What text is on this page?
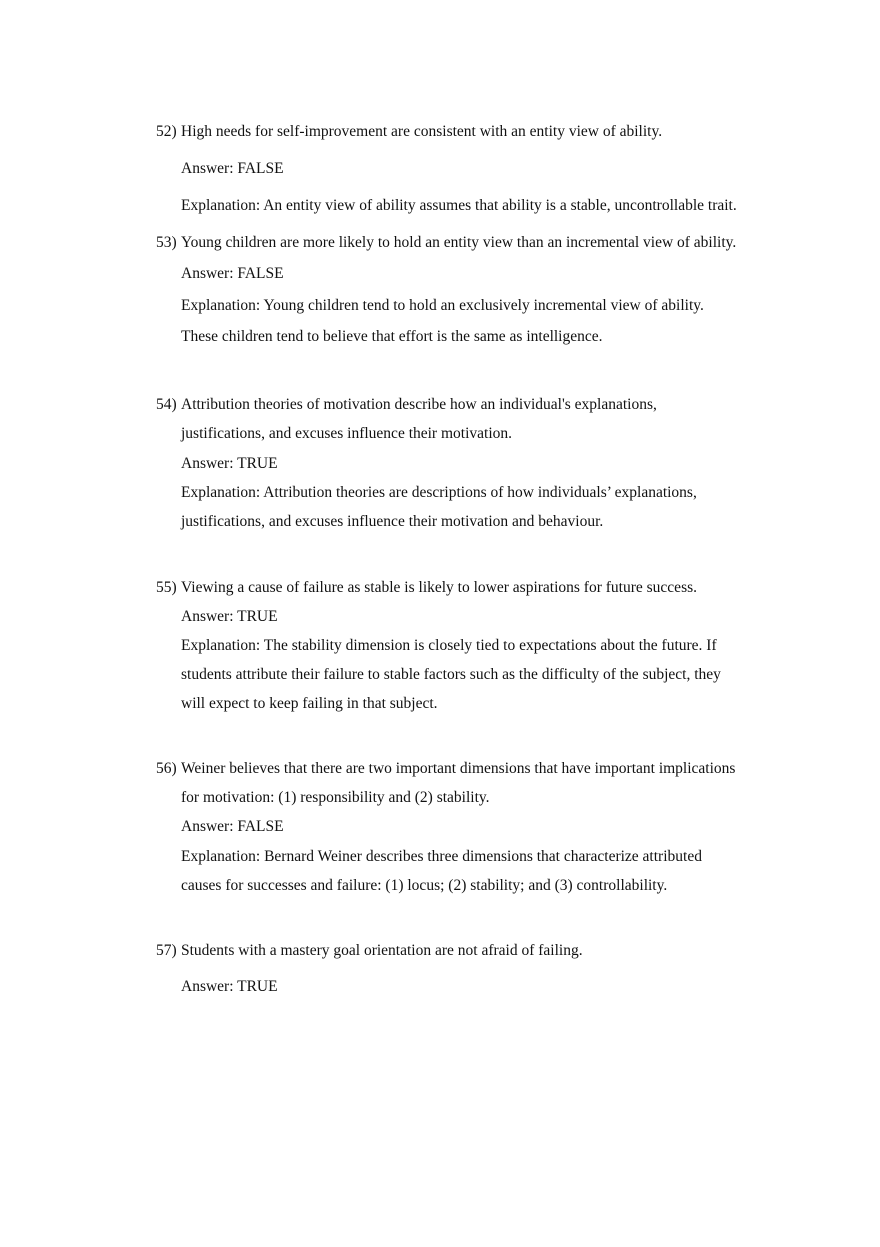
52) High needs for self-improvement are consistent with an entity view of ability.
Answer: FALSE
Explanation: An entity view of ability assumes that ability is a stable, uncontrollable trait.
53) Young children are more likely to hold an entity view than an incremental view of ability.
Answer: FALSE
Explanation: Young children tend to hold an exclusively incremental view of ability.
These children tend to believe that effort is the same as intelligence.
54) Attribution theories of motivation describe how an individual's explanations,
justifications, and excuses influence their motivation.
Answer: TRUE
Explanation: Attribution theories are descriptions of how individuals’ explanations,
justifications, and excuses influence their motivation and behaviour.
55) Viewing a cause of failure as stable is likely to lower aspirations for future success.
Answer: TRUE
Explanation: The stability dimension is closely tied to expectations about the future. If
students attribute their failure to stable factors such as the difficulty of the subject, they
will expect to keep failing in that subject.
56) Weiner believes that there are two important dimensions that have important implications
for motivation: (1) responsibility and (2) stability.
Answer: FALSE
Explanation: Bernard Weiner describes three dimensions that characterize attributed
causes for successes and failure: (1) locus; (2) stability; and (3) controllability.
57) Students with a mastery goal orientation are not afraid of failing.
Answer: TRUE
